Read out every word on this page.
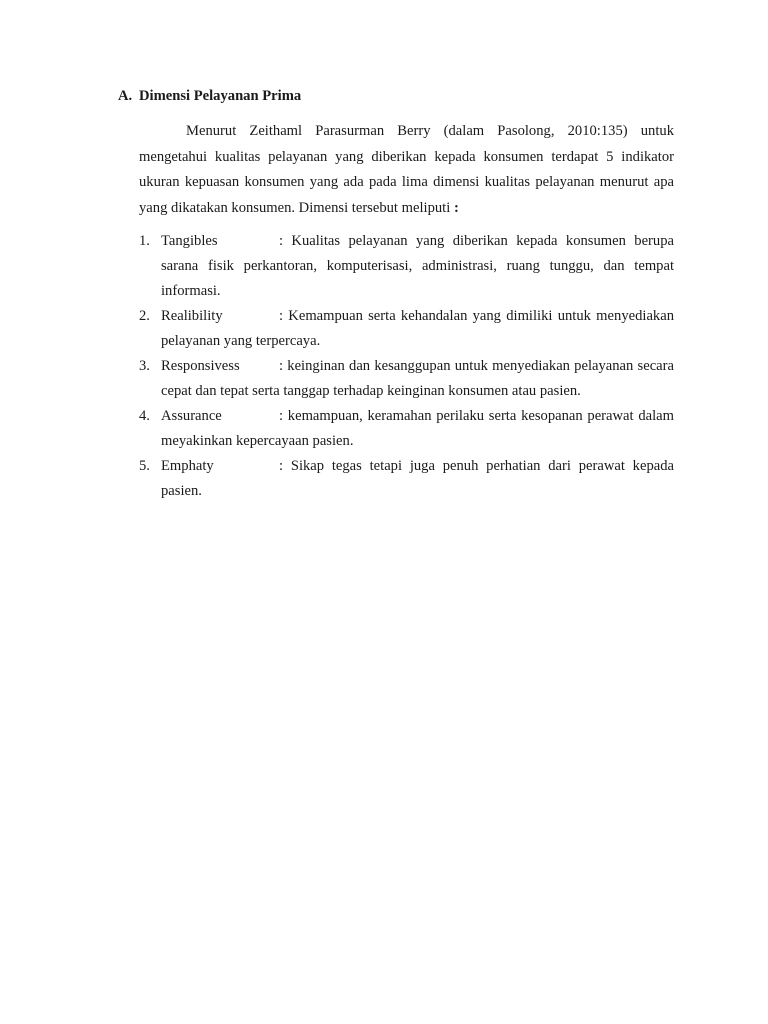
A. Dimensi Pelayanan Prima

Menurut Zeithaml Parasurman Berry (dalam Pasolong, 2010:135) untuk mengetahui kualitas pelayanan yang diberikan kepada konsumen terdapat 5 indikator ukuran kepuasan konsumen yang ada pada lima dimensi kualitas pelayanan menurut apa yang dikatakan konsumen. Dimensi tersebut meliputi :

1. Tangibles	: Kualitas pelayanan yang diberikan kepada konsumen berupa sarana fisik perkantoran, komputerisasi, administrasi, ruang tunggu, dan tempat informasi.
2. Realibility	: Kemampuan serta kehandalan yang dimiliki untuk menyediakan pelayanan yang terpercaya.
3. Responsivess	: keinginan dan kesanggupan untuk menyediakan pelayanan secara cepat dan tepat serta tanggap terhadap keinginan konsumen atau pasien.
4. Assurance	: kemampuan, keramahan perilaku serta kesopanan perawat dalam meyakinkan kepercayaan pasien.
5. Emphaty	: Sikap tegas tetapi juga penuh perhatian dari perawat kepada pasien.
